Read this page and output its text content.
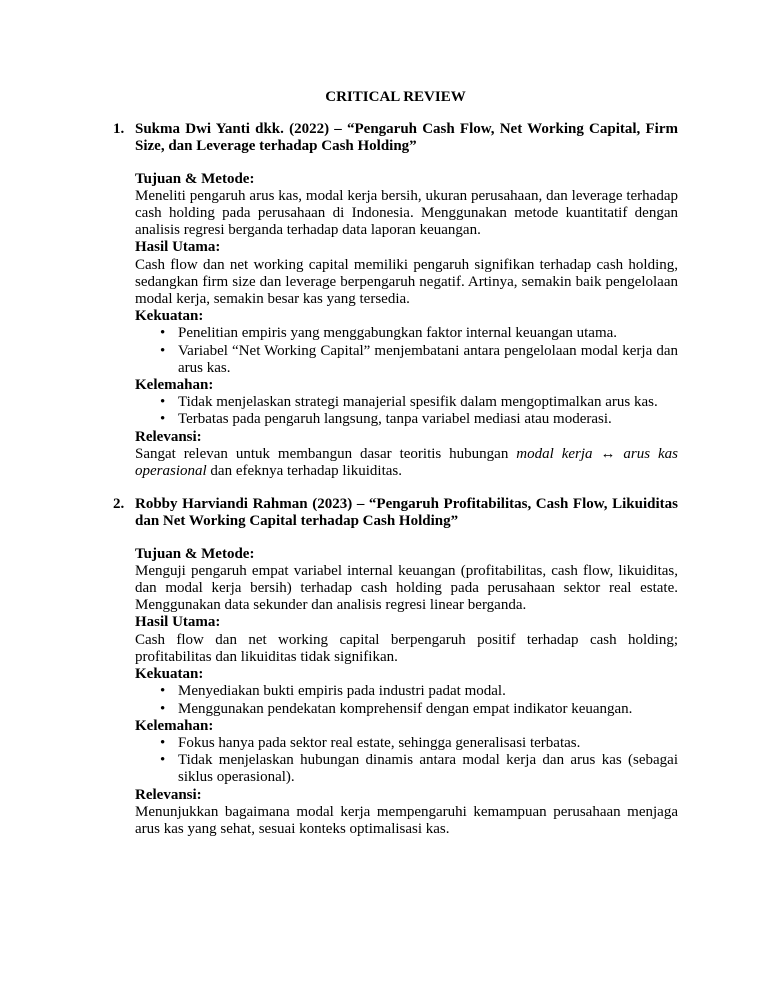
CRITICAL REVIEW
1. Sukma Dwi Yanti dkk. (2022) – “Pengaruh Cash Flow, Net Working Capital, Firm Size, dan Leverage terhadap Cash Holding”
Tujuan & Metode:
Meneliti pengaruh arus kas, modal kerja bersih, ukuran perusahaan, dan leverage terhadap cash holding pada perusahaan di Indonesia. Menggunakan metode kuantitatif dengan analisis regresi berganda terhadap data laporan keuangan.
Hasil Utama:
Cash flow dan net working capital memiliki pengaruh signifikan terhadap cash holding, sedangkan firm size dan leverage berpengaruh negatif. Artinya, semakin baik pengelolaan modal kerja, semakin besar kas yang tersedia.
Kekuatan:
• Penelitian empiris yang menggabungkan faktor internal keuangan utama.
• Variabel “Net Working Capital” menjembatani antara pengelolaan modal kerja dan arus kas.
Kelemahan:
• Tidak menjelaskan strategi manajerial spesifik dalam mengoptimalkan arus kas.
• Terbatas pada pengaruh langsung, tanpa variabel mediasi atau moderasi.
Relevansi:
Sangat relevan untuk membangun dasar teoritis hubungan modal kerja ↔ arus kas operasional dan efeknya terhadap likuiditas.
2. Robby Harviandi Rahman (2023) – “Pengaruh Profitabilitas, Cash Flow, Likuiditas dan Net Working Capital terhadap Cash Holding”
Tujuan & Metode:
Menguji pengaruh empat variabel internal keuangan (profitabilitas, cash flow, likuiditas, dan modal kerja bersih) terhadap cash holding pada perusahaan sektor real estate. Menggunakan data sekunder dan analisis regresi linear berganda.
Hasil Utama:
Cash flow dan net working capital berpengaruh positif terhadap cash holding; profitabilitas dan likuiditas tidak signifikan.
Kekuatan:
• Menyediakan bukti empiris pada industri padat modal.
• Menggunakan pendekatan komprehensif dengan empat indikator keuangan.
Kelemahan:
• Fokus hanya pada sektor real estate, sehingga generalisasi terbatas.
• Tidak menjelaskan hubungan dinamis antara modal kerja dan arus kas (sebagai siklus operasional).
Relevansi:
Menunjukkan bagaimana modal kerja mempengaruhi kemampuan perusahaan menjaga arus kas yang sehat, sesuai konteks optimalisasi kas.
